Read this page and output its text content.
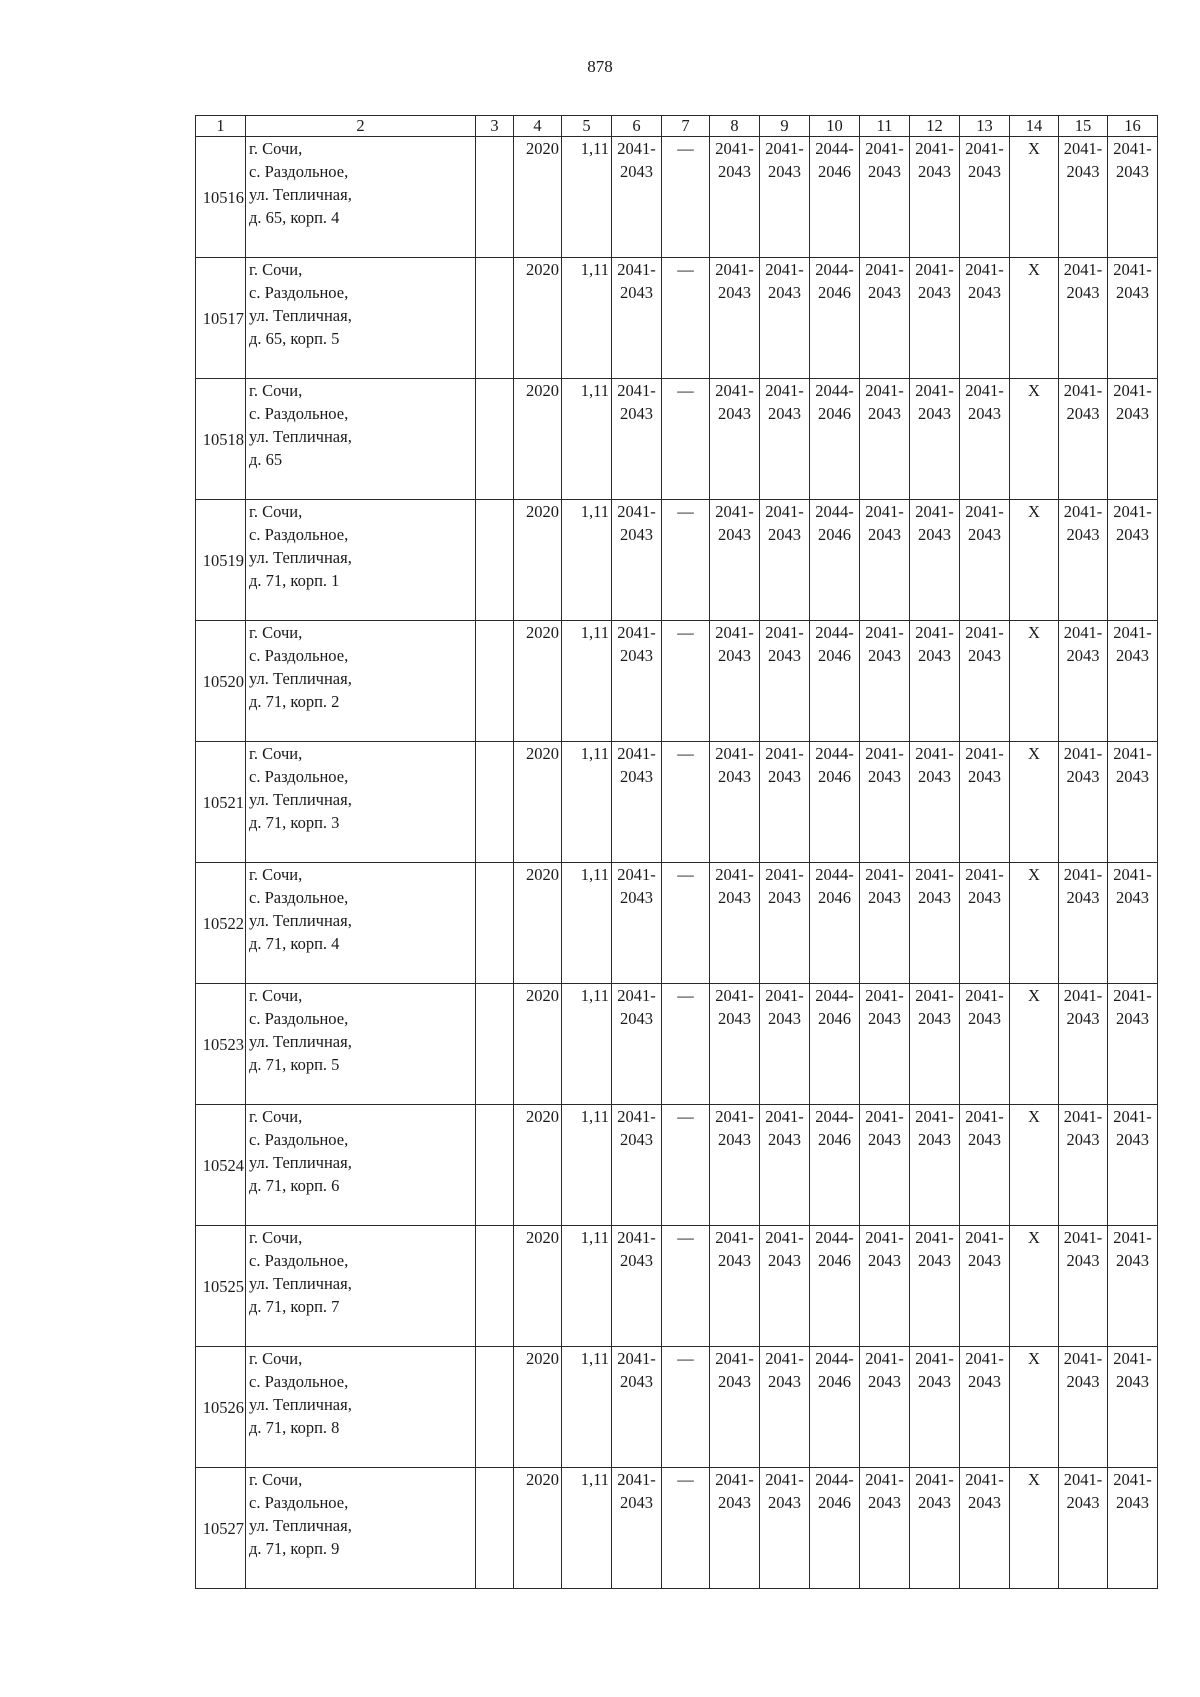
878
1	2	3	4	5	6	7	8	9	10	11	12	13	14	15	16
10516	г. Сочи,
с. Раздольное,
ул. Тепличная,
д. 65, корп. 4		2020	1,11	2041-
2043	—	2041-
2043	2041-
2043	2044-
2046	2041-
2043	2041-
2043	2041-
2043	Х	2041-
2043	2041-
2043

10517	г. Сочи,
с. Раздольное,
ул. Тепличная,
д. 65, корп. 5		2020	1,11	2041-
2043	—	2041-
2043	2041-
2043	2044-
2046	2041-
2043	2041-
2043	2041-
2043	Х	2041-
2043	2041-
2043

10518	г. Сочи,
с. Раздольное,
ул. Тепличная,
д. 65		2020	1,11	2041-
2043	—	2041-
2043	2041-
2043	2044-
2046	2041-
2043	2041-
2043	2041-
2043	Х	2041-
2043	2041-
2043

10519	г. Сочи,
с. Раздольное,
ул. Тепличная,
д. 71, корп. 1		2020	1,11	2041-
2043	—	2041-
2043	2041-
2043	2044-
2046	2041-
2043	2041-
2043	2041-
2043	Х	2041-
2043	2041-
2043

10520	г. Сочи,
с. Раздольное,
ул. Тепличная,
д. 71, корп. 2		2020	1,11	2041-
2043	—	2041-
2043	2041-
2043	2044-
2046	2041-
2043	2041-
2043	2041-
2043	Х	2041-
2043	2041-
2043

10521	г. Сочи,
с. Раздольное,
ул. Тепличная,
д. 71, корп. 3		2020	1,11	2041-
2043	—	2041-
2043	2041-
2043	2044-
2046	2041-
2043	2041-
2043	2041-
2043	Х	2041-
2043	2041-
2043

10522	г. Сочи,
с. Раздольное,
ул. Тепличная,
д. 71, корп. 4		2020	1,11	2041-
2043	—	2041-
2043	2041-
2043	2044-
2046	2041-
2043	2041-
2043	2041-
2043	Х	2041-
2043	2041-
2043

10523	г. Сочи,
с. Раздольное,
ул. Тепличная,
д. 71, корп. 5		2020	1,11	2041-
2043	—	2041-
2043	2041-
2043	2044-
2046	2041-
2043	2041-
2043	2041-
2043	Х	2041-
2043	2041-
2043

10524	г. Сочи,
с. Раздольное,
ул. Тепличная,
д. 71, корп. 6		2020	1,11	2041-
2043	—	2041-
2043	2041-
2043	2044-
2046	2041-
2043	2041-
2043	2041-
2043	Х	2041-
2043	2041-
2043

10525	г. Сочи,
с. Раздольное,
ул. Тепличная,
д. 71, корп. 7		2020	1,11	2041-
2043	—	2041-
2043	2041-
2043	2044-
2046	2041-
2043	2041-
2043	2041-
2043	Х	2041-
2043	2041-
2043

10526	г. Сочи,
с. Раздольное,
ул. Тепличная,
д. 71, корп. 8		2020	1,11	2041-
2043	—	2041-
2043	2041-
2043	2044-
2046	2041-
2043	2041-
2043	2041-
2043	Х	2041-
2043	2041-
2043

10527	г. Сочи,
с. Раздольное,
ул. Тепличная,
д. 71, корп. 9		2020	1,11	2041-
2043	—	2041-
2043	2041-
2043	2044-
2046	2041-
2043	2041-
2043	2041-
2043	Х	2041-
2043	2041-
2043
